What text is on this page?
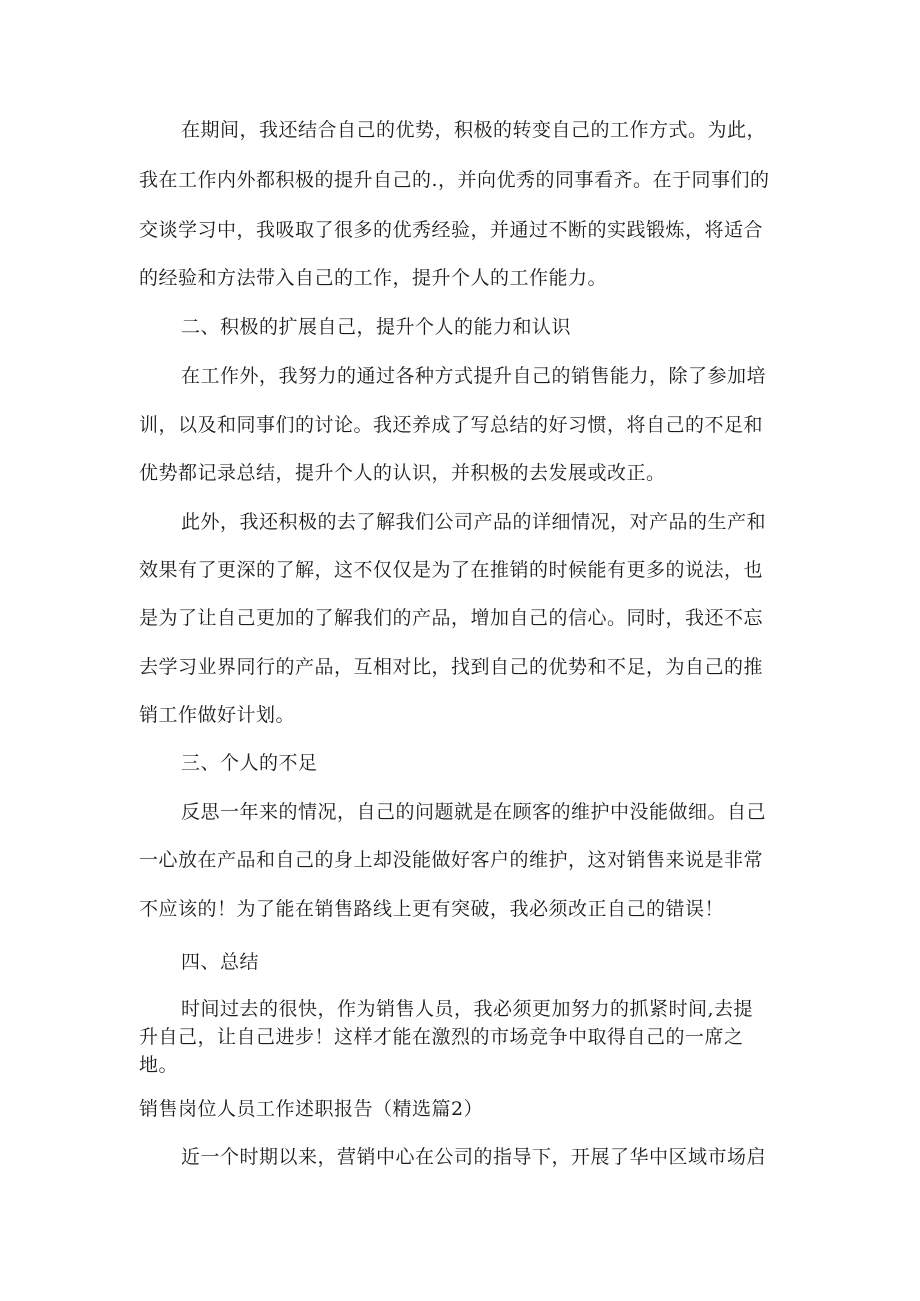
在期间，我还结合自己的优势，积极的转变自己的工作方式。为此，
我在工作内外都积极的提升自己的.，并向优秀的同事看齐。在于同事们的
交谈学习中，我吸取了很多的优秀经验，并通过不断的实践锻炼，将适合
的经验和方法带入自己的工作，提升个人的工作能力。
二、积极的扩展自己，提升个人的能力和认识
在工作外，我努力的通过各种方式提升自己的销售能力，除了参加培
训，以及和同事们的讨论。我还养成了写总结的好习惯，将自己的不足和
优势都记录总结，提升个人的认识，并积极的去发展或改正。
此外，我还积极的去了解我们公司产品的详细情况，对产品的生产和
效果有了更深的了解，这不仅仅是为了在推销的时候能有更多的说法，也
是为了让自己更加的了解我们的产品，增加自己的信心。同时，我还不忘
去学习业界同行的产品，互相对比，找到自己的优势和不足，为自己的推
销工作做好计划。
三、个人的不足
反思一年来的情况，自己的问题就是在顾客的维护中没能做细。自己
一心放在产品和自己的身上却没能做好客户的维护，这对销售来说是非常
不应该的！为了能在销售路线上更有突破，我必须改正自己的错误！
四、总结
时间过去的很快，作为销售人员，我必须更加努力的抓紧时间,去提
升自己，让自己进步！这样才能在激烈的市场竞争中取得自己的一席之
地。
销售岗位人员工作述职报告（精选篇2）
近一个时期以来，营销中心在公司的指导下，开展了华中区域市场启
